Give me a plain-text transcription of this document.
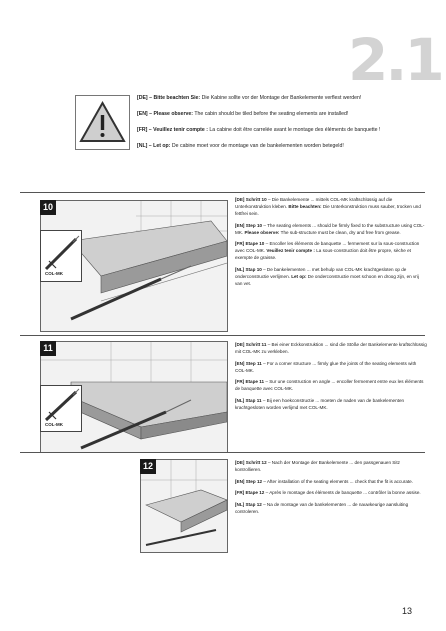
2.1
[DE] – Bitte beachten Sie: Die Kabine sollte vor der Montage der Bankelemente verflest werden!
[EN] – Please observe: The cabin should be tiled before the seating elements are installed!
[FR] – Veuillez tenir compte : La cabine doit être carrelée avant le montage des éléments de banquette !
[NL] – Let op: De cabine moet voor de montage van de bankelementen worden betegeld!
10
COL-MK
[DE] Schritt 10 – Die Bankelemente ... mittels COL-MK kraftschlüssig auf die Unterkonstruktion kleben. Bitte beachten: Die Unterkonstruktion muss sauber, trocken und fettfrei sein.
[EN] Step 10 – The seating elements ... should be firmly fixed to the substructure using COL-MK. Please observe: The sub-structure must be clean, dry and free from grease.
[FR] Etape 10 – Encoller les éléments de banquette ... fermement sur la sous-construction avec COL-MK. Veuillez tenir compte : La sous-construction doit être propre, sèche et exempte de graisse.
[NL] Stap 10 – De bankelementen ... met behulp van COL-MK krachtgesloten op de onderconstructie verlijmen. Let op: De onderconstructie moet schoon en droog zijn, en vrij van vet.
11
COL-MK
[DE] Schritt 11 – Bei einer Eckkonstruktion ... sind die Stöße der Bankelemente kraftschlüssig mit COL-MK zu verkleben.
[EN] Step 11 – For a corner structure ... firmly glue the joints of the seating elements with COL-MK.
[FR] Etape 11 – Sur une construction en angle ... encoller fermement entre eux les éléments de banquette avec COL-MK.
[NL] Stap 11 – Bij een hoekconstructie ... moeten de naden van de bankelementen krachtgesloten worden verlijmd met COL-MK.
12	[DE] Schritt 12 – Nach der Montage der Bankelemente ... den passgenauen Sitz kontrollieren.
[EN] Step 12 – After installation of the seating elements ... check that the fit is accurate.
[FR] Etape 12 – Après le montage des éléments de banquette ... contrôler la bonne assise.
[NL] Stap 12 – Na de montage van de bankelementen ... de nauwkeurige aansluiting controleren.
13
